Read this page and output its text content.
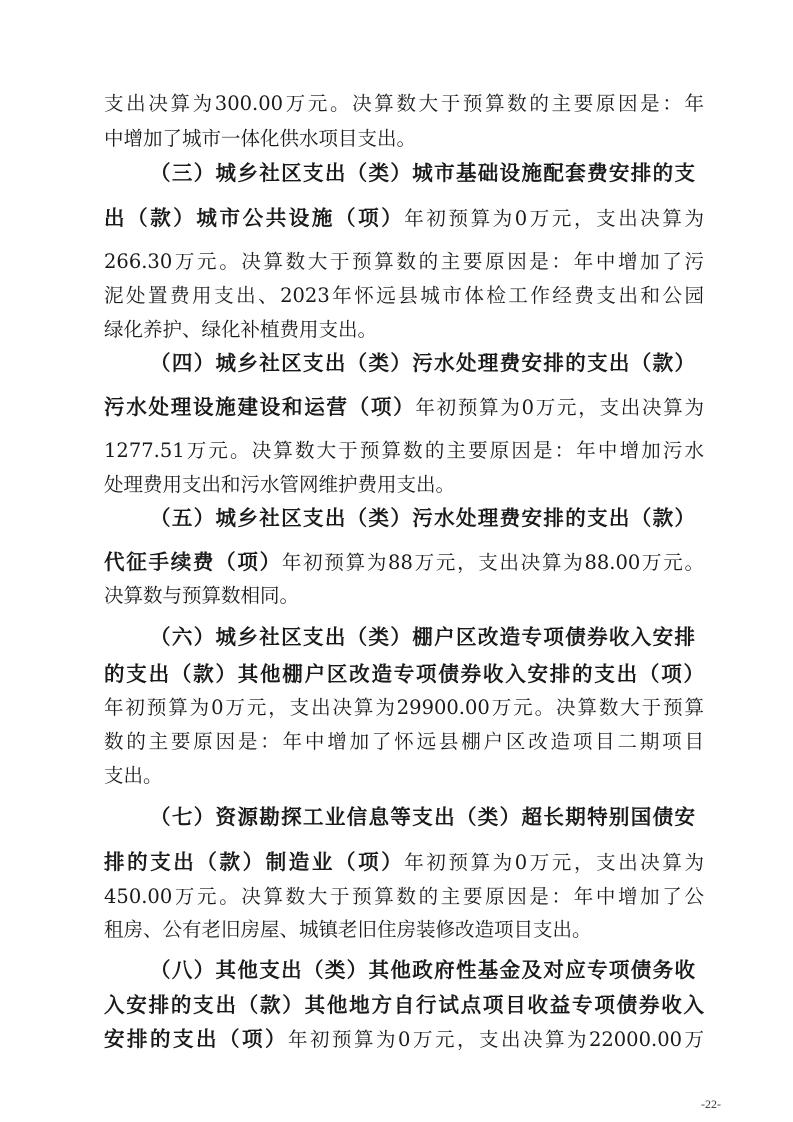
支出决算为300.00万元。决算数大于预算数的主要原因是：年
中增加了城市一体化供水项目支出。
（三）城乡社区支出（类）城市基础设施配套费安排的支
出（款）城市公共设施（项）年初预算为0万元，支出决算为
266.30万元。决算数大于预算数的主要原因是：年中增加了污
泥处置费用支出、2023年怀远县城市体检工作经费支出和公园
绿化养护、绿化补植费用支出。
（四）城乡社区支出（类）污水处理费安排的支出（款）
污水处理设施建设和运营（项）年初预算为0万元，支出决算为
1277.51万元。决算数大于预算数的主要原因是：年中增加污水
处理费用支出和污水管网维护费用支出。
（五）城乡社区支出（类）污水处理费安排的支出（款）
代征手续费（项）年初预算为88万元，支出决算为88.00万元。
决算数与预算数相同。
（六）城乡社区支出（类）棚户区改造专项债券收入安排
的支出（款）其他棚户区改造专项债券收入安排的支出（项）
年初预算为0万元，支出决算为29900.00万元。决算数大于预算
数的主要原因是：年中增加了怀远县棚户区改造项目二期项目
支出。
（七）资源勘探工业信息等支出（类）超长期特别国债安
排的支出（款）制造业（项）年初预算为0万元，支出决算为
450.00万元。决算数大于预算数的主要原因是：年中增加了公
租房、公有老旧房屋、城镇老旧住房装修改造项目支出。
（八）其他支出（类）其他政府性基金及对应专项债务收
入安排的支出（款）其他地方自行试点项目收益专项债券收入
安排的支出（项）年初预算为0万元，支出决算为22000.00万
-22-
